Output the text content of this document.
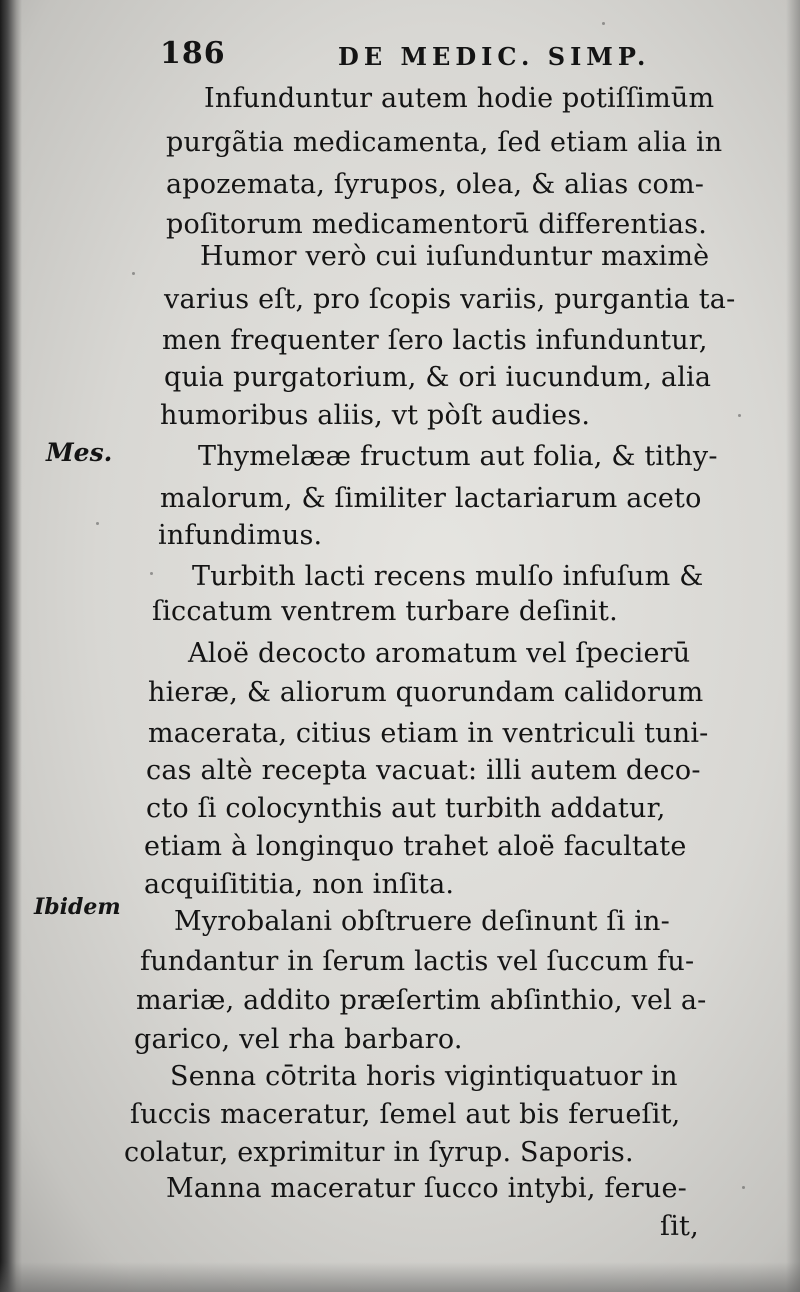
186	DE MEDIC. SIMP.
Mes.
Ibidem
Infunduntur autem hodie potiſſimūm
purgãtia medicamenta, ſed etiam alia in
apozemata, ſyrupos, olea, & alias com-
poſitorum medicamentorū differentias.
Humor verò cui iuſunduntur maximè
varius eſt, pro ſcopis variis, purgantia ta-
men frequenter ſero lactis infunduntur,
quia purgatorium, & ori iucundum, alia
humoribus aliis, vt pòſt audies.
Thymelææ fructum aut folia, & tithy-
malorum, & ſimiliter lactariarum aceto
infundimus.
Turbith lacti recens mulſo infuſum &
ſiccatum ventrem turbare deſinit.
Aloë decocto aromatum vel ſpecierū
hieræ, & aliorum quorundam calidorum
macerata, citius etiam in ventriculi tuni-
cas altè recepta vacuat: illi autem deco-
cto ſi colocynthis aut turbith addatur,
etiam à longinquo trahet aloë facultate
acquiſititia, non inſita.
Myrobalani obſtruere deſinunt ſi in-
fundantur in ſerum lactis vel ſuccum fu-
mariæ, addito præſertim abſinthio, vel a-
garico, vel rha barbaro.
Senna cōtrita horis vigintiquatuor in
ſuccis maceratur, ſemel aut bis ferueſit,
colatur, exprimitur in ſyrup. Saporis.
Manna maceratur ſucco intybi, ferue-
ſit,
